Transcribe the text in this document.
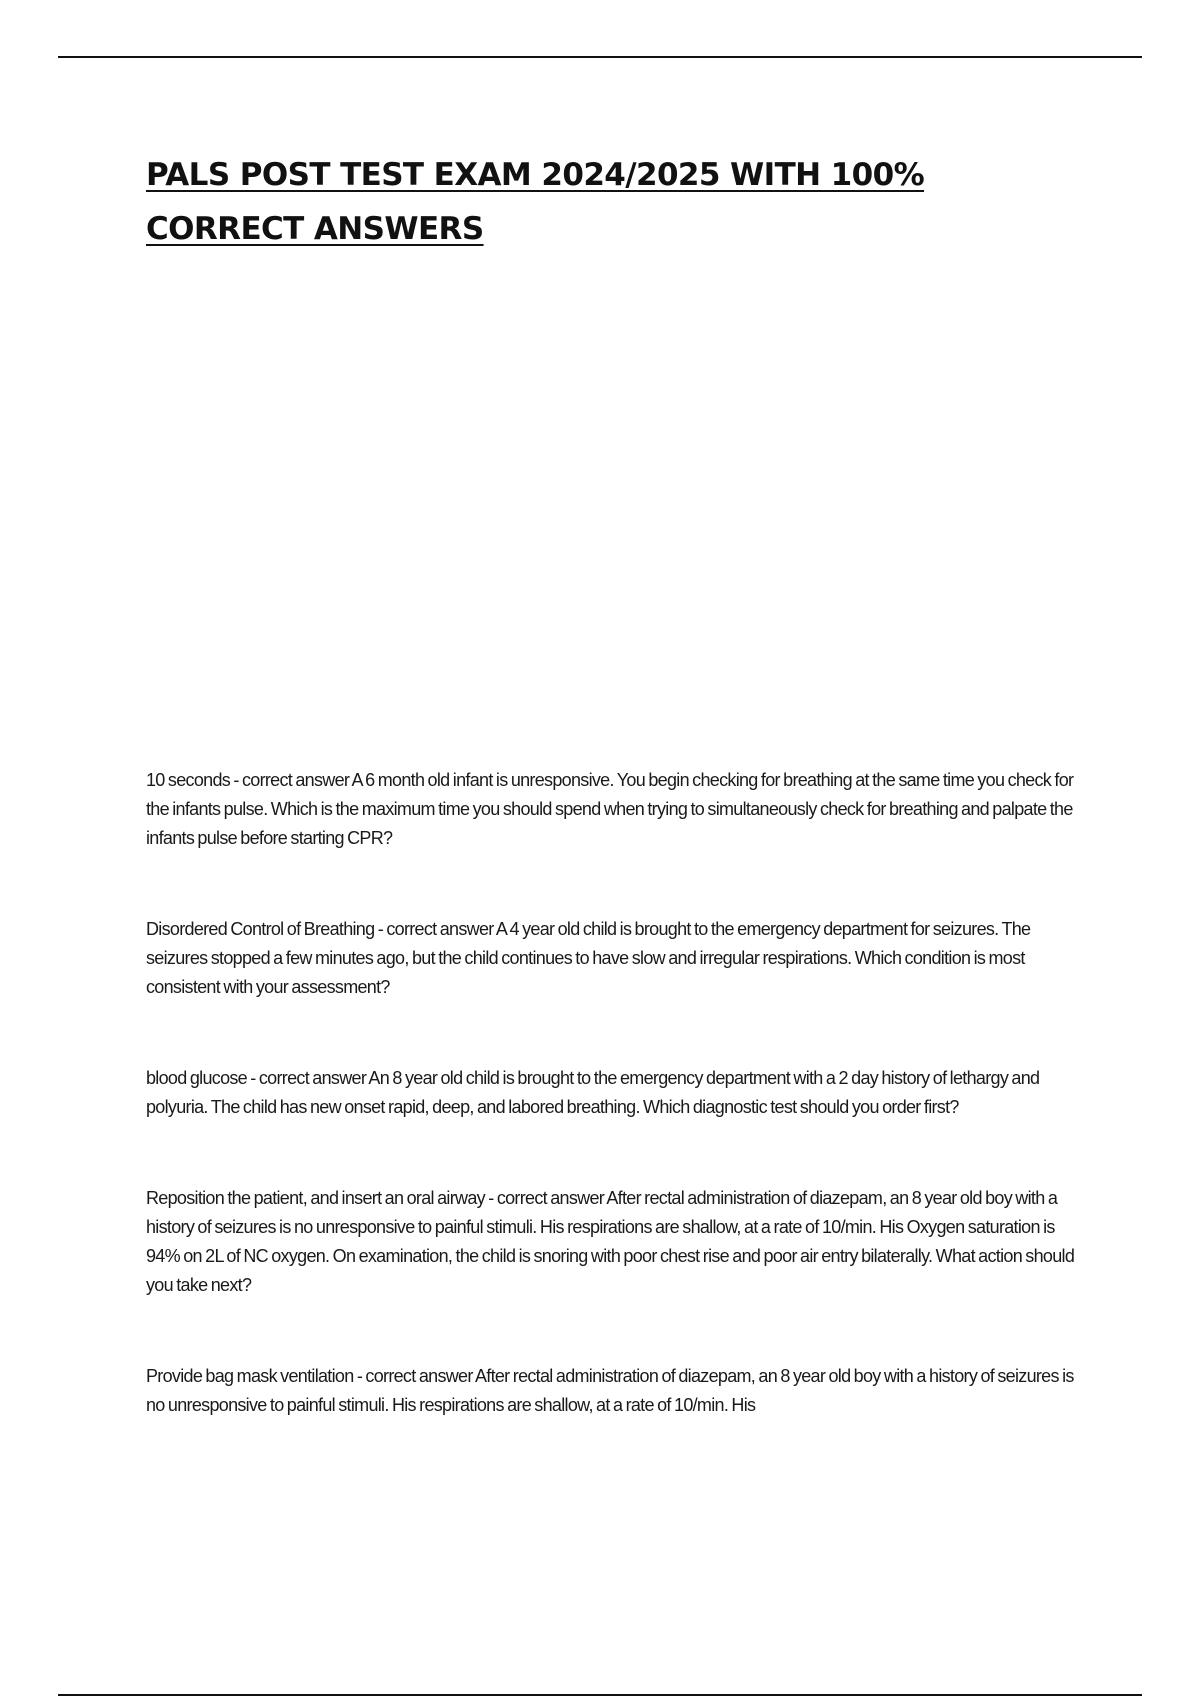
PALS POST TEST EXAM 2024/2025 WITH 100% CORRECT ANSWERS

10 seconds - correct answer A 6 month old infant is unresponsive. You begin checking for breathing at the same time you check for the infants pulse. Which is the maximum time you should spend when trying to simultaneously check for breathing and palpate the infants pulse before starting CPR?

Disordered Control of Breathing - correct answer A 4 year old child is brought to the emergency department for seizures. The seizures stopped a few minutes ago, but the child continues to have slow and irregular respirations. Which condition is most consistent with your assessment?

blood glucose - correct answer An 8 year old child is brought to the emergency department with a 2 day history of lethargy and polyuria. The child has new onset rapid, deep, and labored breathing. Which diagnostic test should you order first?

Reposition the patient, and insert an oral airway - correct answer After rectal administration of diazepam, an 8 year old boy with a history of seizures is no unresponsive to painful stimuli. His respirations are shallow, at a rate of 10/min. His Oxygen saturation is 94% on 2L of NC oxygen. On examination, the child is snoring with poor chest rise and poor air entry bilaterally. What action should you take next?

Provide bag mask ventilation - correct answer After rectal administration of diazepam, an 8 year old boy with a history of seizures is no unresponsive to painful stimuli. His respirations are shallow, at a rate of 10/min. His
